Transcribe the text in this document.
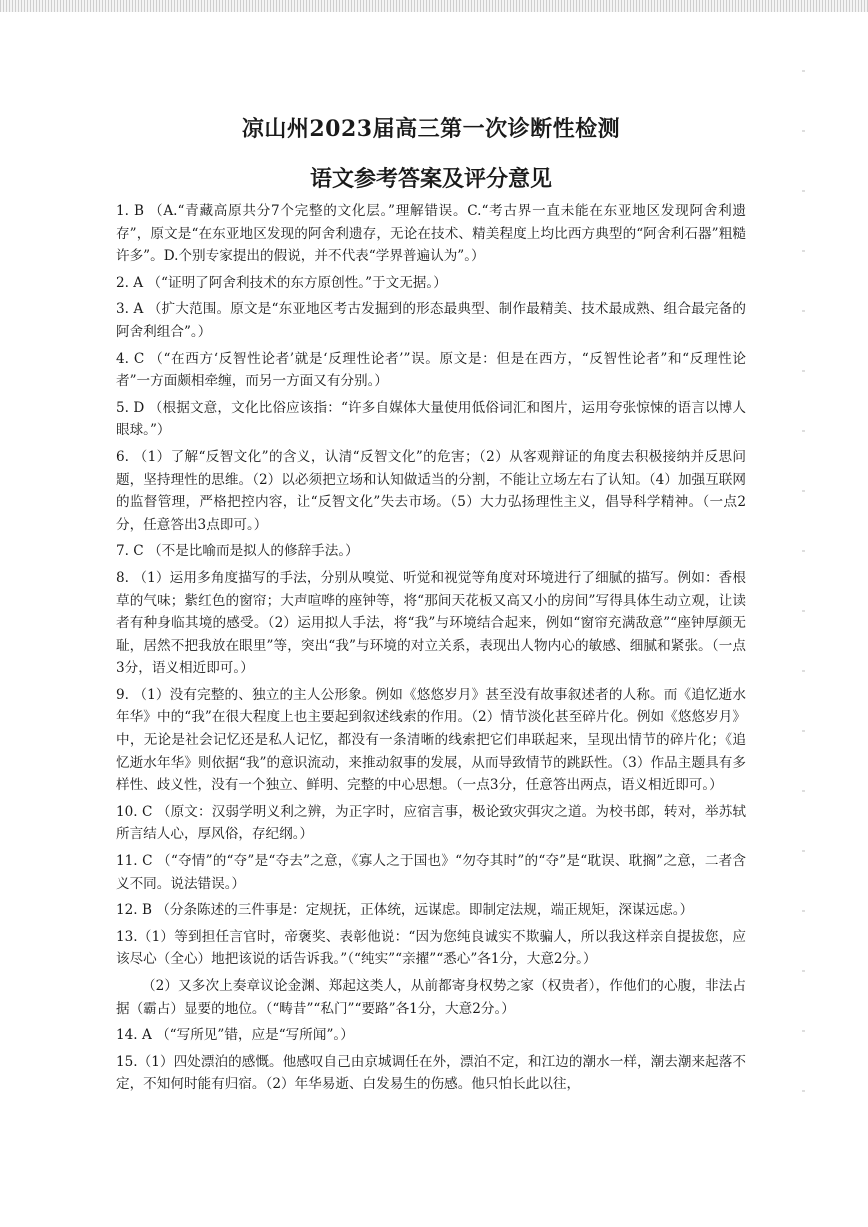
凉山州2023届高三第一次诊断性检测
语文参考答案及评分意见

1. B （A.“青藏高原共分7个完整的文化层。”理解错误。C.“考古界一直未能在东亚地区发现阿舍利遗存”，原文是“在东亚地区发现的阿舍利遗存，无论在技术、精美程度上均比西方典型的“阿舍利石器”粗糙许多”。D.个别专家提出的假说，并不代表“学界普遍认为”。）

2. A （“证明了阿舍利技术的东方原创性。”于文无据。）

3. A （扩大范围。原文是“东亚地区考古发掘到的形态最典型、制作最精美、技术最成熟、组合最完备的阿舍利组合”。）

4. C （“在西方‘反智性论者’就是‘反理性论者’”误。原文是：但是在西方，“反智性论者”和“反理性论者”一方面颇相牵缠，而另一方面又有分别。）

5. D （根据文意，文化比俗应该指：“许多自媒体大量使用低俗词汇和图片，运用夸张惊悚的语言以博人眼球。”）

6. （1）了解“反智文化”的含义，认清“反智文化”的危害；（2）从客观辩证的角度去积极接纳并反思问题，坚持理性的思维。（2）以必须把立场和认知做适当的分割，不能让立场左右了认知。（4）加强互联网的监督管理，严格把控内容，让“反智文化”失去市场。（5）大力弘扬理性主义，倡导科学精神。（一点2分，任意答出3点即可。）

7. C （不是比喻而是拟人的修辞手法。）

8. （1）运用多角度描写的手法，分别从嗅觉、听觉和视觉等角度对环境进行了细腻的描写。例如：香根草的气味；紫红色的窗帘；大声喧哗的座钟等，将“那间天花板又高又小的房间”写得具体生动立观，让读者有种身临其境的感受。（2）运用拟人手法，将“我”与环境结合起来，例如“窗帘充满敌意”“座钟厚颜无耻，居然不把我放在眼里”等，突出“我”与环境的对立关系，表现出人物内心的敏感、细腻和紧张。（一点3分，语义相近即可。）

9. （1）没有完整的、独立的主人公形象。例如《悠悠岁月》甚至没有故事叙述者的人称。而《追忆逝水年华》中的“我”在很大程度上也主要起到叙述线索的作用。（2）情节淡化甚至碎片化。例如《悠悠岁月》中，无论是社会记忆还是私人记忆，都没有一条清晰的线索把它们串联起来，呈现出情节的碎片化；《追忆逝水年华》则依据“我”的意识流动，来推动叙事的发展，从而导致情节的跳跃性。（3）作品主题具有多样性、歧义性，没有一个独立、鲜明、完整的中心思想。（一点3分，任意答出两点，语义相近即可。）

10. C （原文：汉弱学明义利之辨，为正字时，应宿言事，极论致灾弭灾之道。为校书郎，转对，举苏轼所言结人心，厚风俗，存纪纲。）

11. C （“夺情”的“夺”是“夺去”之意，《寡人之于国也》“勿夺其时”的“夺”是“耽误、耽搁”之意，二者含义不同。说法错误。）

12. B （分条陈述的三件事是：定规抚，正体统，远谋虑。即制定法规，端正规矩，深谋远虑。）

13.（1）等到担任言官时，帝褒奖、表彰他说：“因为您纯良诚实不欺骗人，所以我这样亲自提拔您，应该尽心（全心）地把该说的话告诉我。”（“纯实”“亲擢”“悉心”各1分，大意2分。）

（2）又多次上奏章议论金渊、郑起这类人，从前都寄身权势之家（权贵者），作他们的心腹，非法占据（霸占）显要的地位。（“畴昔”“私门”“要路”各1分，大意2分。）

14. A （“写所见”错，应是“写所闻”。）

15.（1）四处漂泊的感慨。他感叹自己由京城调任在外，漂泊不定，和江边的潮水一样，潮去潮来起落不定，不知何时能有归宿。（2）年华易逝、白发易生的伤感。他只怕长此以往，
